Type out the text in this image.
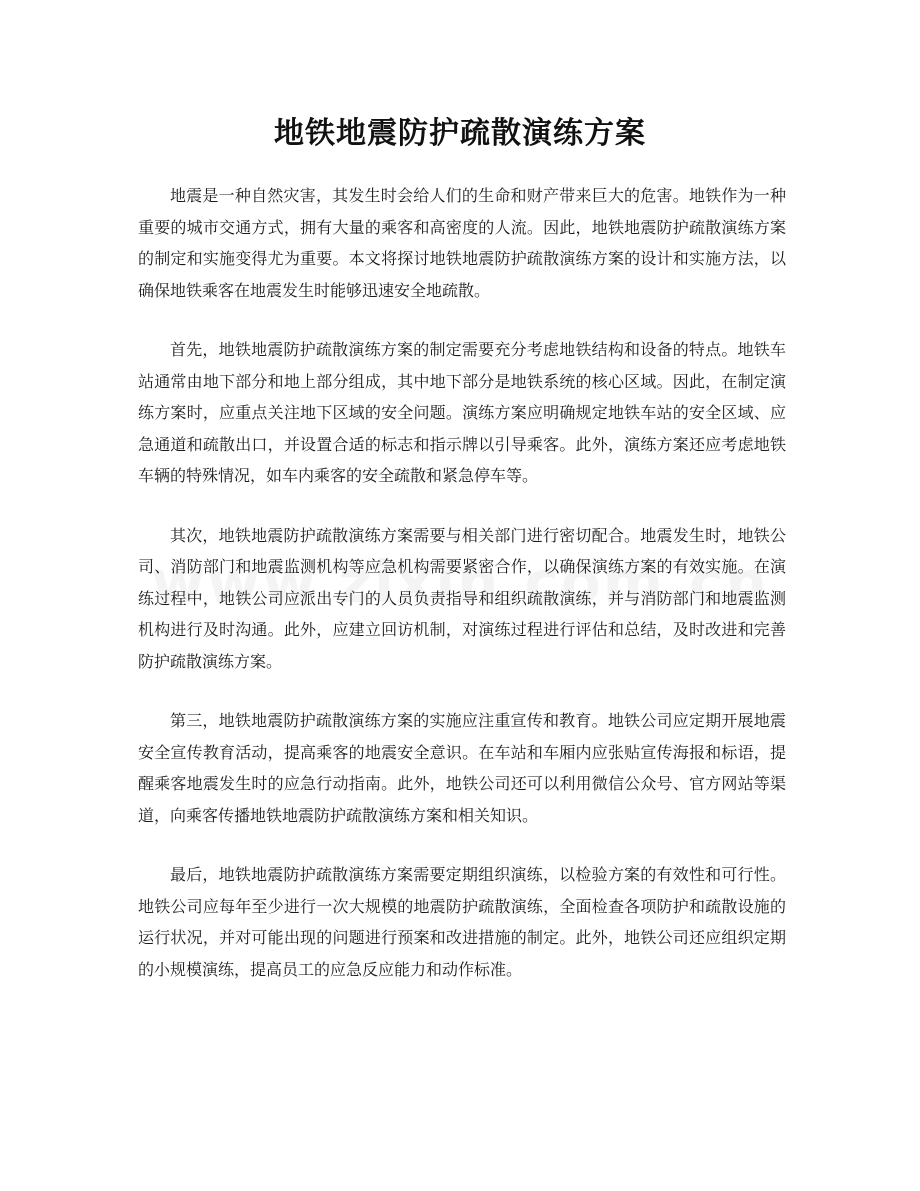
地铁地震防护疏散演练方案

地震是一种自然灾害，其发生时会给人们的生命和财产带来巨大的危害。地铁作为一种重要的城市交通方式，拥有大量的乘客和高密度的人流。因此，地铁地震防护疏散演练方案的制定和实施变得尤为重要。本文将探讨地铁地震防护疏散演练方案的设计和实施方法，以确保地铁乘客在地震发生时能够迅速安全地疏散。

首先，地铁地震防护疏散演练方案的制定需要充分考虑地铁结构和设备的特点。地铁车站通常由地下部分和地上部分组成，其中地下部分是地铁系统的核心区域。因此，在制定演练方案时，应重点关注地下区域的安全问题。演练方案应明确规定地铁车站的安全区域、应急通道和疏散出口，并设置合适的标志和指示牌以引导乘客。此外，演练方案还应考虑地铁车辆的特殊情况，如车内乘客的安全疏散和紧急停车等。

其次，地铁地震防护疏散演练方案需要与相关部门进行密切配合。地震发生时，地铁公司、消防部门和地震监测机构等应急机构需要紧密合作，以确保演练方案的有效实施。在演练过程中，地铁公司应派出专门的人员负责指导和组织疏散演练，并与消防部门和地震监测机构进行及时沟通。此外，应建立回访机制，对演练过程进行评估和总结，及时改进和完善防护疏散演练方案。

第三，地铁地震防护疏散演练方案的实施应注重宣传和教育。地铁公司应定期开展地震安全宣传教育活动，提高乘客的地震安全意识。在车站和车厢内应张贴宣传海报和标语，提醒乘客地震发生时的应急行动指南。此外，地铁公司还可以利用微信公众号、官方网站等渠道，向乘客传播地铁地震防护疏散演练方案和相关知识。

最后，地铁地震防护疏散演练方案需要定期组织演练，以检验方案的有效性和可行性。地铁公司应每年至少进行一次大规模的地震防护疏散演练，全面检查各项防护和疏散设施的运行状况，并对可能出现的问题进行预案和改进措施的制定。此外，地铁公司还应组织定期的小规模演练，提高员工的应急反应能力和动作标准。
